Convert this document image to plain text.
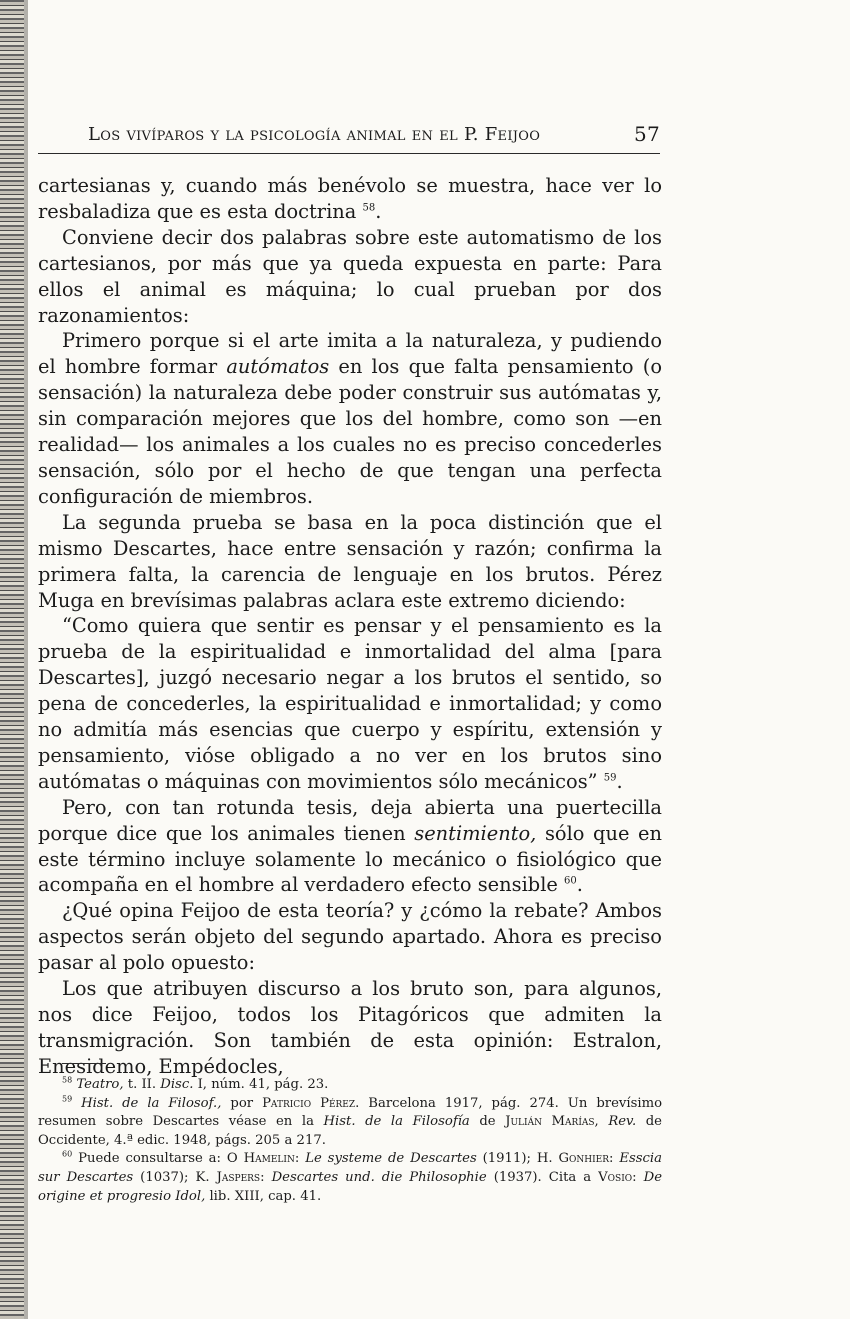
Los vivíparos y la psicología animal en el P. Feijoo	57

cartesianas y, cuando más benévolo se muestra, hace ver lo resbaladiza que es esta doctrina $^{58}$.

Conviene decir dos palabras sobre este automatismo de los cartesianos, por más que ya queda expuesta en parte: Para ellos el animal es máquina; lo cual prueban por dos razonamientos:

Primero porque si el arte imita a la naturaleza, y pudiendo el hombre formar autómatos en los que falta pensamiento (o sensación) la naturaleza debe poder construir sus autómatas y, sin comparación mejores que los del hombre, como son —en realidad— los animales a los cuales no es preciso concederles sensación, sólo por el hecho de que tengan una perfecta configuración de miembros.

La segunda prueba se basa en la poca distinción que el mismo Descartes, hace entre sensación y razón; confirma la primera falta, la carencia de lenguaje en los brutos. Pérez Muga en brevísimas palabras aclara este extremo diciendo:

“Como quiera que sentir es pensar y el pensamiento es la prueba de la espiritualidad e inmortalidad del alma [para Descartes], juzgó necesario negar a los brutos el sentido, so pena de concederles, la espiritualidad e inmortalidad; y como no admitía más esencias que cuerpo y espíritu, extensión y pensamiento, vióse obligado a no ver en los brutos sino autómatas o máquinas con movimientos sólo mecánicos” $^{59}$.

Pero, con tan rotunda tesis, deja abierta una puertecilla porque dice que los animales tienen sentimiento, sólo que en este término incluye solamente lo mecánico o fisiológico que acompaña en el hombre al verdadero efecto sensible $^{60}$.

¿Qué opina Feijoo de esta teoría? y ¿cómo la rebate? Ambos aspectos serán objeto del segundo apartado. Ahora es preciso pasar al polo opuesto:

Los que atribuyen discurso a los bruto son, para algunos, nos dice Feijoo, todos los Pitagóricos que admiten la transmigración. Son también de esta opinión: Estralon, Enesidemo, Empédocles,

$^{58}$ Teatro, t. II. Disc. I, núm. 41, pág. 23.

$^{59}$ Hist. de la Filosof., por Patricio Pérez. Barcelona 1917, pág. 274. Un brevísimo resumen sobre Descartes véase en la Hist. de la Filosofía de Julián Marías, Rev. de Occidente, 4.ª edic. 1948, págs. 205 a 217.

$^{60}$ Puede consultarse a: O Hamelin: Le systeme de Descartes (1911); H. Gonhier: Esscia sur Descartes (1037); K. Jaspers: Descartes und. die Philosophie (1937). Cita a Vosio: De origine et progresio Idol, lib. XIII, cap. 41.
